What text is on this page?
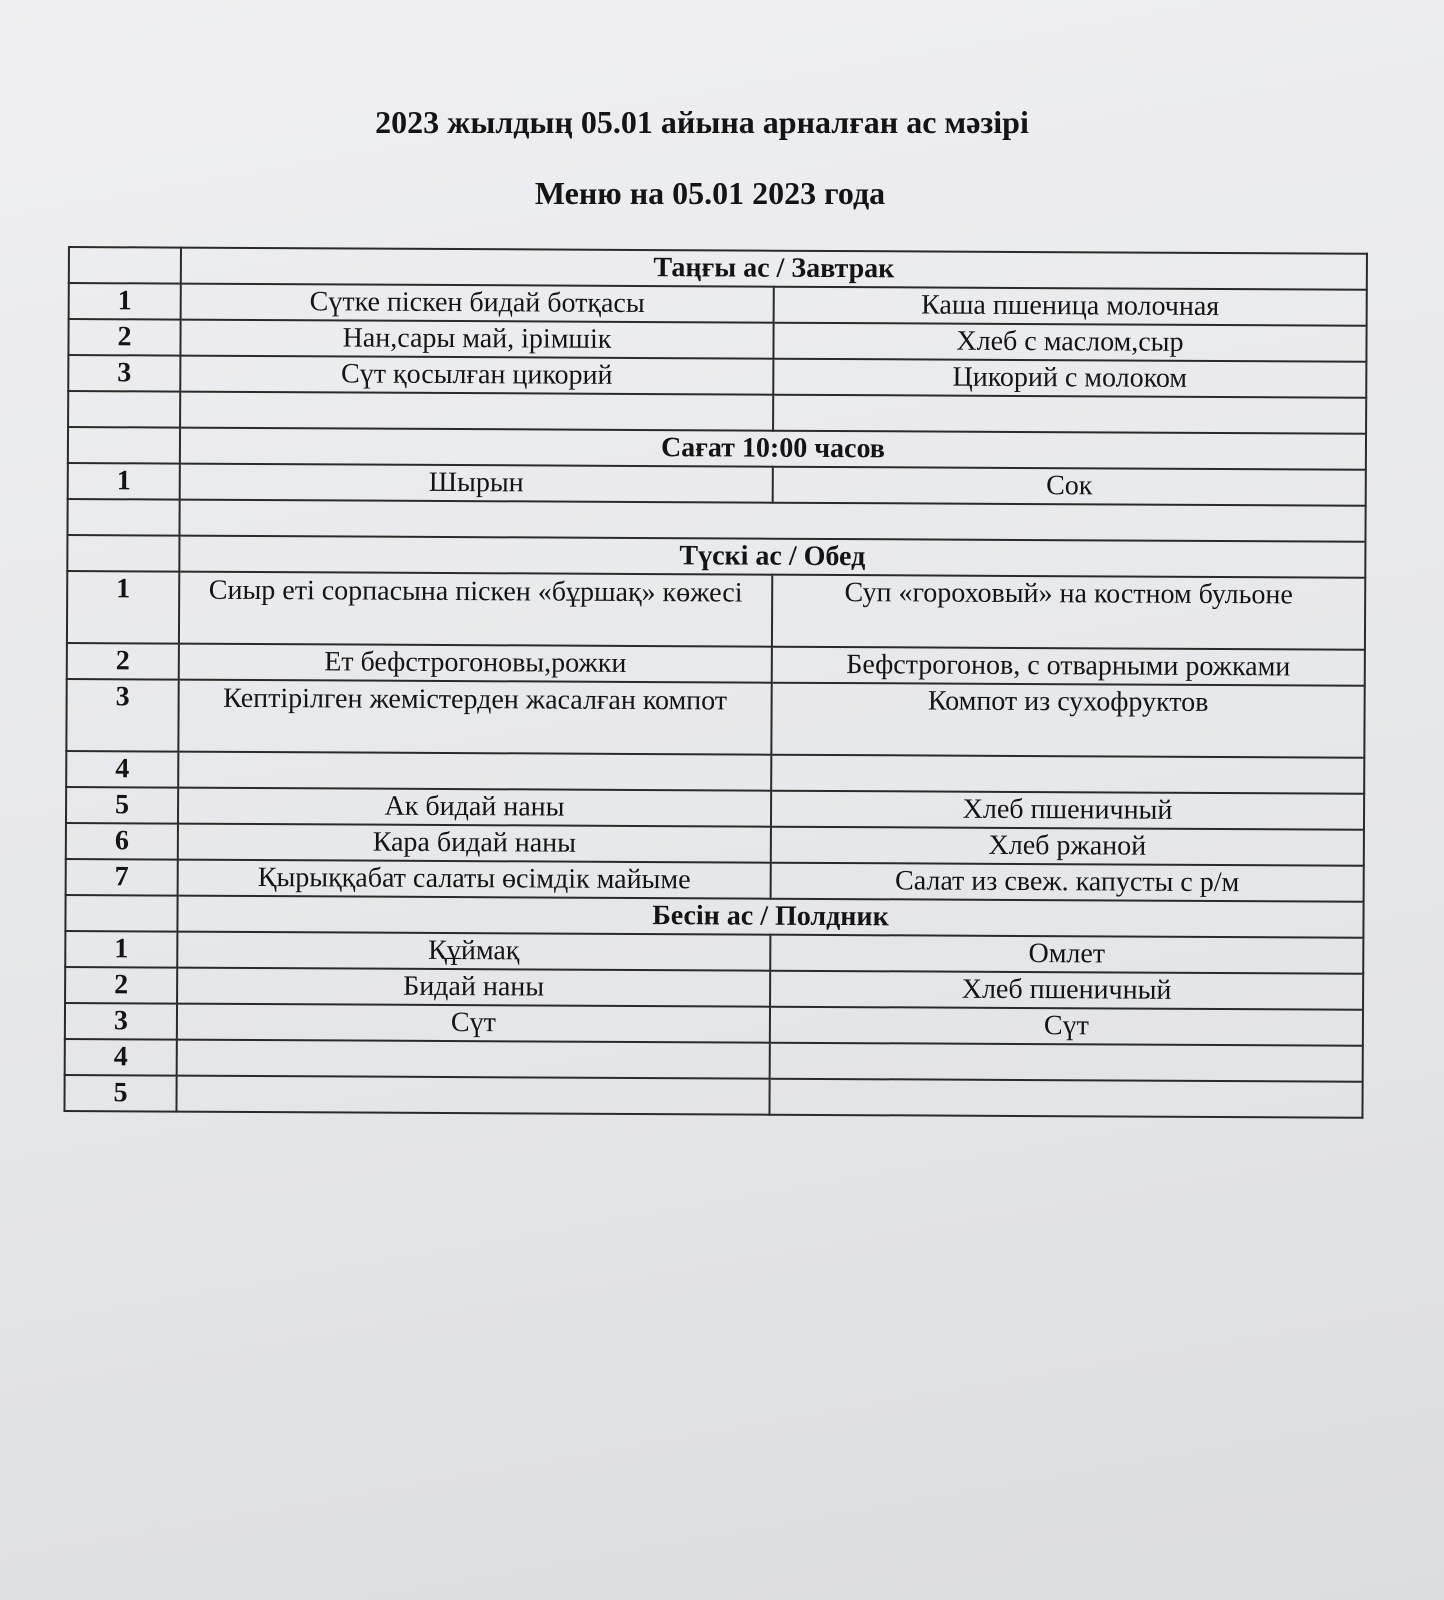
2023 жылдың 05.01 айына арналған ас мәзірі
Меню на 05.01 2023 года
	Таңғы ас / Завтрак	
1	Сүтке піскен бидай ботқасы	Каша пшеница молочная
2	Нан,сары май, ірімшік	Хлеб с маслом,сыр
3	Сүт қосылған цикорий	Цикорий с молоком

	Сағат 10:00 часов	
1	Шырын	Сок

	Түскі ас / Обед	
1	Сиыр еті сорпасына піскен «бұршақ» көжесі	Суп «гороховый» на костном бульоне
2	Ет бефстрогоновы,рожки	Бефстрогонов, с отварными рожками
3	Кептірілген жемістерден жасалған компот	Компот из сухофруктов
4		
5	Ак бидай наны	Хлеб пшеничный
6	Кара бидай наны	Хлеб ржаной
7	Қырыққабат салаты өсімдік майыме	Салат из свеж. капусты с р/м
	Бесін ас / Полдник	
1	Құймақ	Омлет
2	Бидай наны	Хлеб пшеничный
3	Сүт	Сүт
4		
5		
